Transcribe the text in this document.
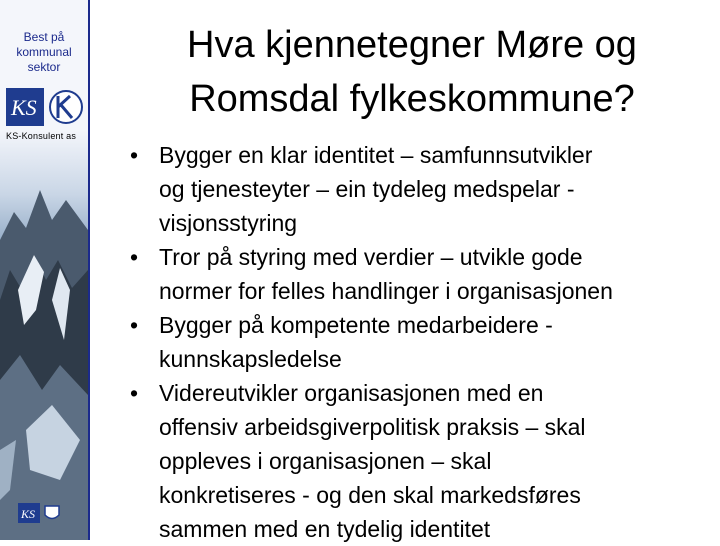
Best på
kommunal
sektor
KS
KS-Konsulent as
KS
Hva kjennetegner Møre og
Romsdal fylkeskommune?
• Bygger en klar identitet – samfunnsutvikler
og tjenesteyter – ein tydeleg medspelar -
visjonsstyring
• Tror på styring med verdier – utvikle gode
normer for felles handlinger i organisasjonen
• Bygger på kompetente medarbeidere -
kunnskapsledelse
• Videreutvikler organisasjonen med en
offensiv arbeidsgiverpolitisk praksis – skal
oppleves i organisasjonen – skal
konkretiseres - og den skal markedsføres
sammen med en tydelig identitet
